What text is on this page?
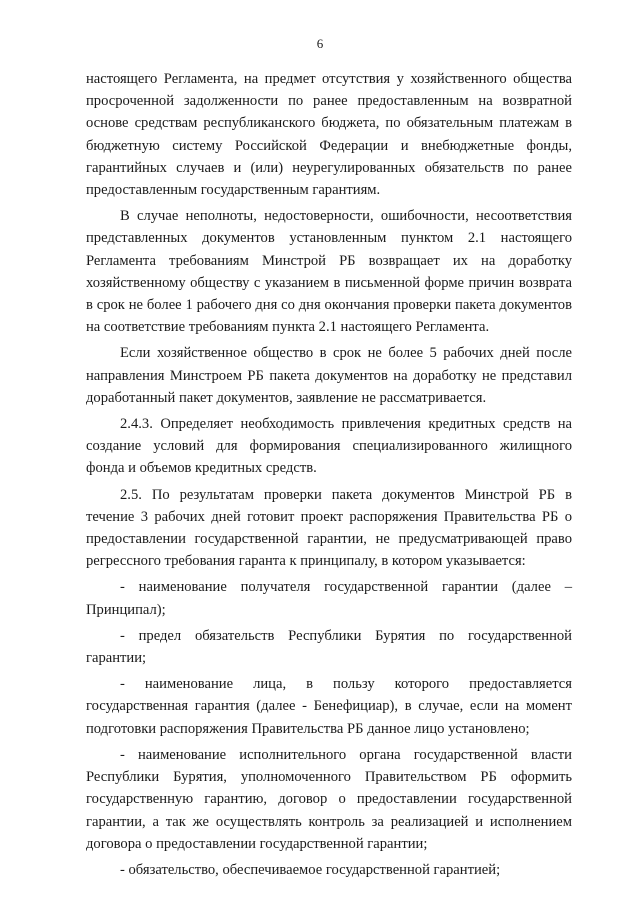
6

настоящего Регламента, на предмет отсутствия у хозяйственного общества просроченной задолженности по ранее предоставленным на возвратной основе средствам республиканского бюджета, по обязательным платежам в бюджетную систему Российской Федерации и внебюджетные фонды, гарантийных случаев и (или) неурегулированных обязательств по ранее предоставленным государственным гарантиям.

В случае неполноты, недостоверности, ошибочности, несоответствия представленных документов установленным пунктом 2.1 настоящего Регламента требованиям Минстрой РБ возвращает их на доработку хозяйственному обществу с указанием в письменной форме причин возврата в срок не более 1 рабочего дня со дня окончания проверки пакета документов на соответствие требованиям пункта 2.1 настоящего Регламента.

Если хозяйственное общество в срок не более 5 рабочих дней после направления Минстроем РБ пакета документов на доработку не представил доработанный пакет документов, заявление не рассматривается.

2.4.3. Определяет необходимость привлечения кредитных средств на создание условий для формирования специализированного жилищного фонда и объемов кредитных средств.

2.5. По результатам проверки пакета документов Минстрой РБ в течение 3 рабочих дней готовит проект распоряжения Правительства РБ о предоставлении государственной гарантии, не предусматривающей право регрессного требования гаранта к принципалу, в котором указывается:

- наименование получателя государственной гарантии (далее – Принципал);

- предел обязательств Республики Бурятия по государственной гарантии;

- наименование лица, в пользу которого предоставляется государственная гарантия (далее - Бенефициар), в случае, если на момент подготовки распоряжения Правительства РБ данное лицо установлено;

- наименование исполнительного органа государственной власти Республики Бурятия, уполномоченного Правительством РБ оформить государственную гарантию, договор о предоставлении государственной гарантии, а так же осуществлять контроль за реализацией и исполнением договора о предоставлении государственной гарантии;

- обязательство, обеспечиваемое государственной гарантией;
